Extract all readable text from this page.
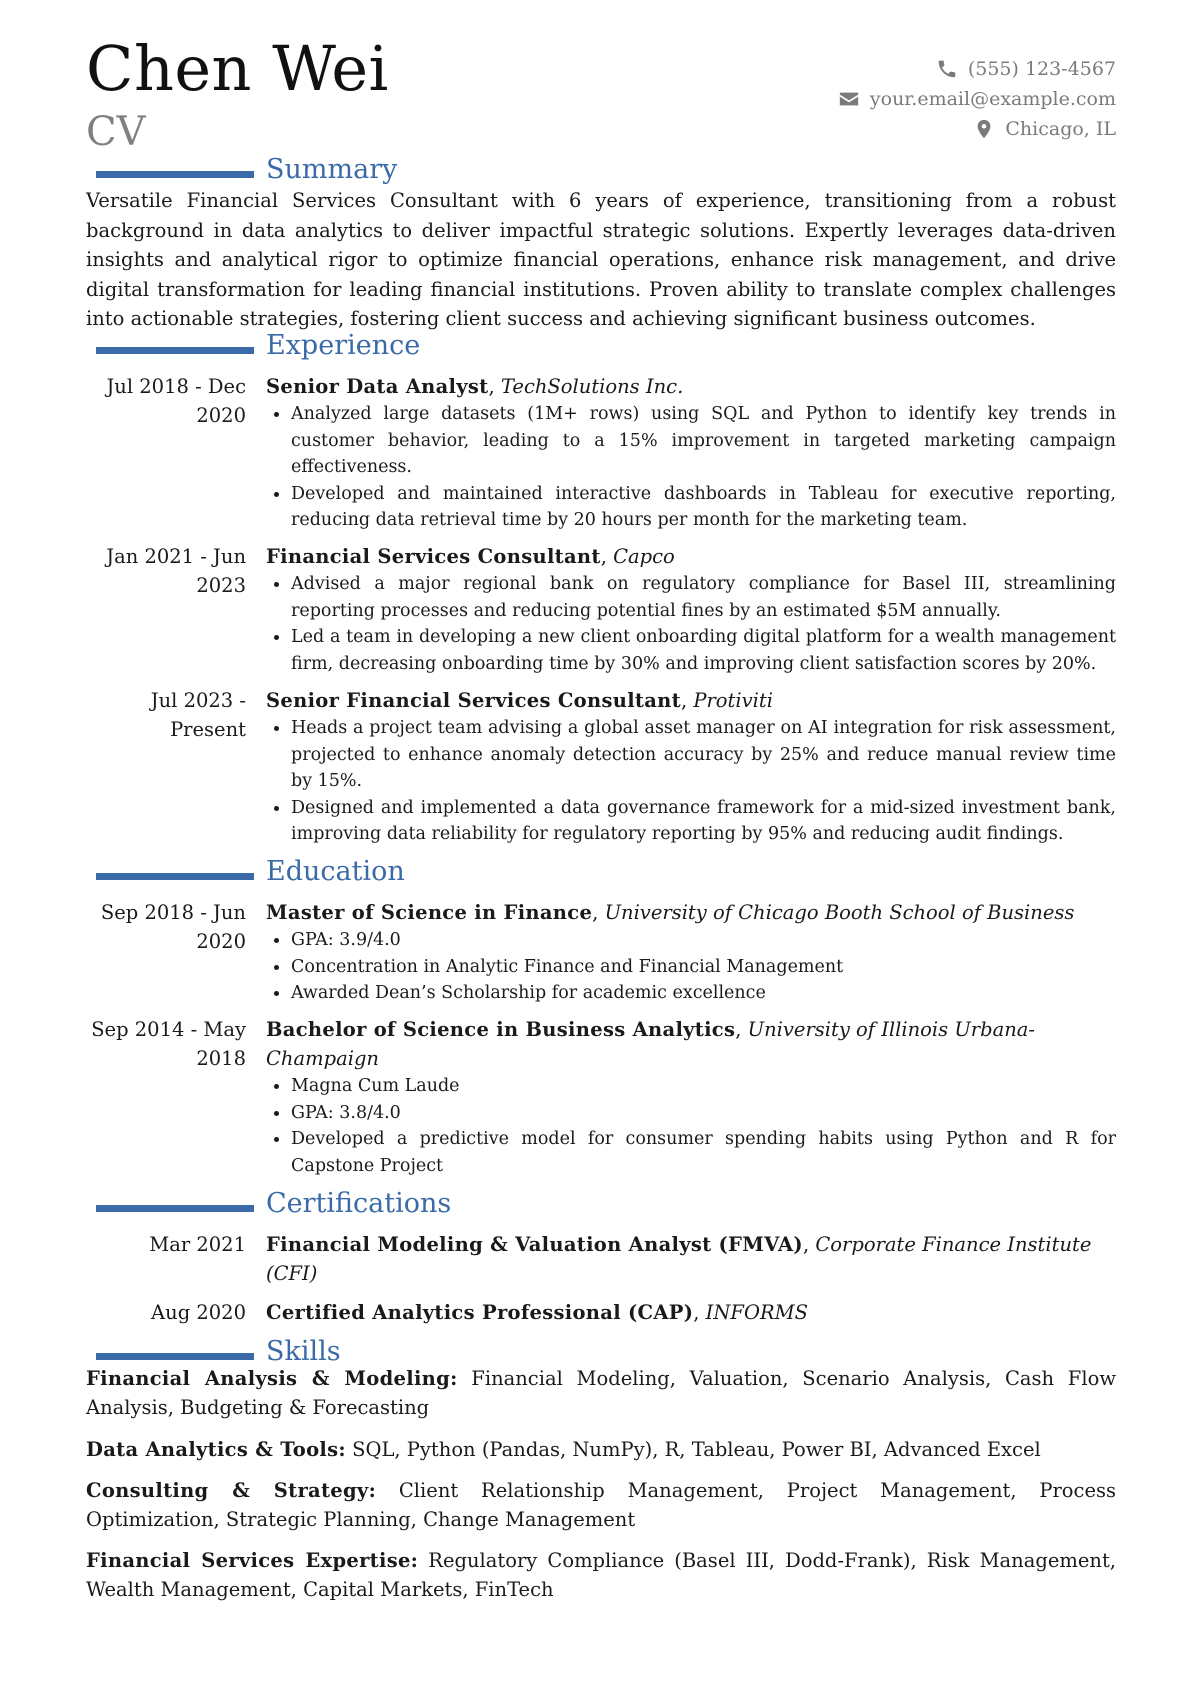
Chen Wei
CV
(555) 123-4567
your.email@example.com
Chicago, IL
Summary
Versatile Financial Services Consultant with 6 years of experience, transitioning from a robust background in data analytics to deliver impactful strategic solutions. Expertly leverages data-driven insights and analytical rigor to optimize financial operations, enhance risk management, and drive digital transformation for leading financial institutions. Proven ability to translate complex challenges into actionable strategies, fostering client success and achieving significant business outcomes.
Experience
Jul 2018 - Dec 2020
Senior Data Analyst, TechSolutions Inc.
Analyzed large datasets (1M+ rows) using SQL and Python to identify key trends in customer behavior, leading to a 15% improvement in targeted marketing campaign effectiveness.
Developed and maintained interactive dashboards in Tableau for executive reporting, reducing data retrieval time by 20 hours per month for the marketing team.
Jan 2021 - Jun 2023
Financial Services Consultant, Capco
Advised a major regional bank on regulatory compliance for Basel III, streamlining reporting processes and reducing potential fines by an estimated $5M annually.
Led a team in developing a new client onboarding digital platform for a wealth management firm, decreasing onboarding time by 30% and improving client satisfaction scores by 20%.
Jul 2023 - Present
Senior Financial Services Consultant, Protiviti
Heads a project team advising a global asset manager on AI integration for risk assessment, projected to enhance anomaly detection accuracy by 25% and reduce manual review time by 15%.
Designed and implemented a data governance framework for a mid-sized investment bank, improving data reliability for regulatory reporting by 95% and reducing audit findings.
Education
Sep 2018 - Jun 2020
Master of Science in Finance, University of Chicago Booth School of Business
GPA: 3.9/4.0
Concentration in Analytic Finance and Financial Management
Awarded Dean’s Scholarship for academic excellence
Sep 2014 - May 2018
Bachelor of Science in Business Analytics, University of Illinois Urbana-Champaign
Magna Cum Laude
GPA: 3.8/4.0
Developed a predictive model for consumer spending habits using Python and R for Capstone Project
Certifications
Mar 2021 Financial Modeling & Valuation Analyst (FMVA), Corporate Finance Institute (CFI)
Aug 2020 Certified Analytics Professional (CAP), INFORMS
Skills
Financial Analysis & Modeling: Financial Modeling, Valuation, Scenario Analysis, Cash Flow Analysis, Budgeting & Forecasting
Data Analytics & Tools: SQL, Python (Pandas, NumPy), R, Tableau, Power BI, Advanced Excel
Consulting & Strategy: Client Relationship Management, Project Management, Process Optimization, Strategic Planning, Change Management
Financial Services Expertise: Regulatory Compliance (Basel III, Dodd-Frank), Risk Management, Wealth Management, Capital Markets, FinTech
